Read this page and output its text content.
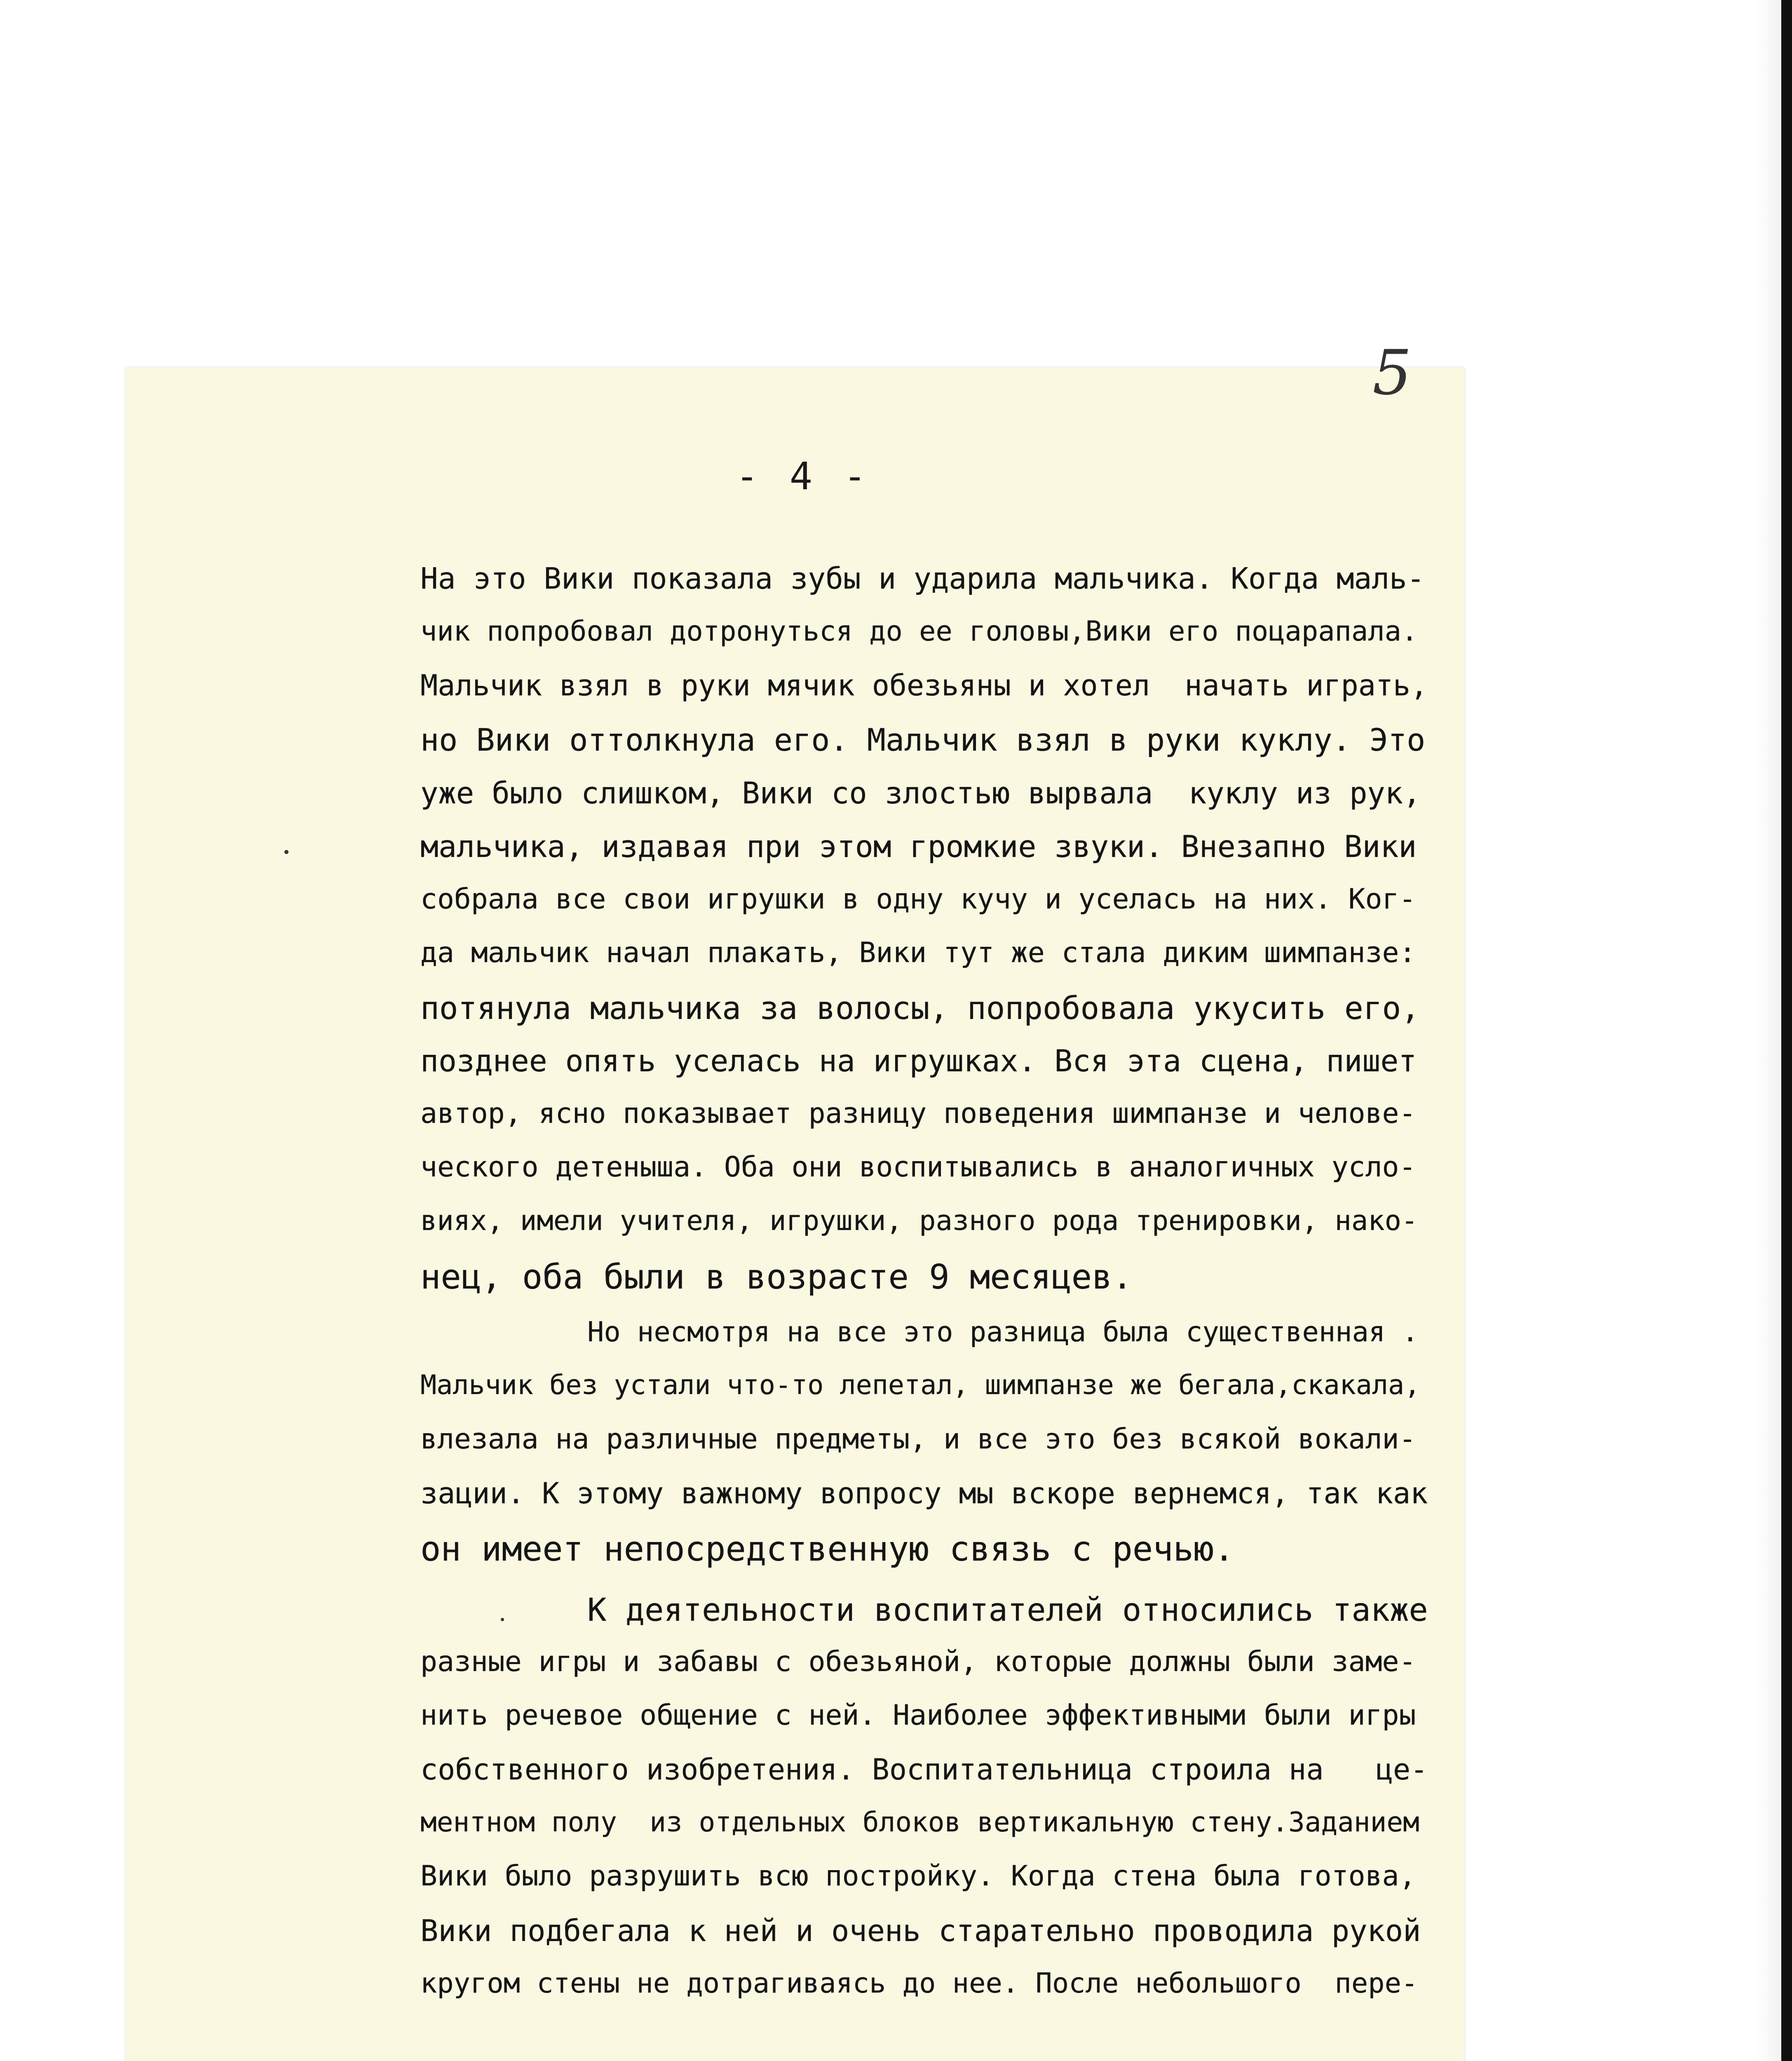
5
- 4 -
На это Вики показала зубы и ударила мальчика. Когда маль-
чик попробовал дотронуться до ее головы,Вики его поцарапала.
Мальчик взял в руки мячик обезьяны и хотел  начать играть,
но Вики оттолкнула его. Мальчик взял в руки куклу. Это
уже было слишком, Вики со злостью вырвала  куклу из рук,
мальчика, издавая при этом громкие звуки. Внезапно Вики
собрала все свои игрушки в одну кучу и уселась на них. Ког-
да мальчик начал плакать, Вики тут же стала диким шимпанзе:
потянула мальчика за волосы, попробовала укусить его,
позднее опять уселась на игрушках. Вся эта сцена, пишет
автор, ясно показывает разницу поведения шимпанзе и челове-
ческого детеныша. Оба они воспитывались в аналогичных усло-
виях, имели учителя, игрушки, разного рода тренировки, нако-
нец, оба были в возрасте 9 месяцев.
Но несмотря на все это разница была существенная .
Мальчик без устали что-то лепетал, шимпанзе же бегала,скакала,
влезала на различные предметы, и все это без всякой вокали-
зации. К этому важному вопросу мы вскоре вернемся, так как
он имеет непосредственную связь с речью.
К деятельности воспитателей относились также
разные игры и забавы с обезьяной, которые должны были заме-
нить речевое общение с ней. Наиболее эффективными были игры
собственного изобретения. Воспитательница строила на   це-
ментном полу  из отдельных блоков вертикальную стену.Заданием
Вики было разрушить всю постройку. Когда стена была готова,
Вики подбегала к ней и очень старательно проводила рукой
кругом стены не дотрагиваясь до нее. После небольшого  пере-
